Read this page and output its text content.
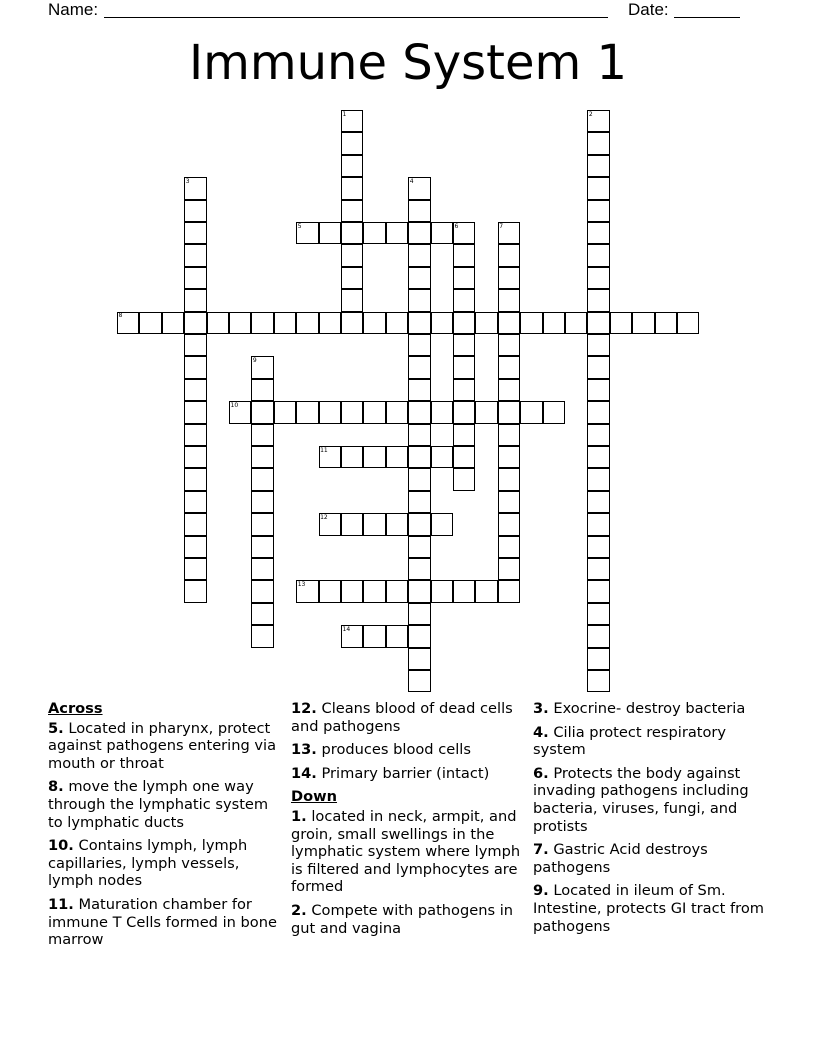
Name:	Date:
Immune System 1
1	2
3	4
5	6	7
8
9
10
11
12
13
14
Across
5. Located in pharynx, protect against pathogens entering via mouth or throat
8. move the lymph one way through the lymphatic system to lymphatic ducts
10. Contains lymph, lymph capillaries, lymph vessels, lymph nodes
11. Maturation chamber for immune T Cells formed in bone marrow
12. Cleans blood of dead cells and pathogens
13. produces blood cells
14. Primary barrier (intact)
Down
1. located in neck, armpit, and groin, small swellings in the lymphatic system where lymph is filtered and lymphocytes are formed
2. Compete with pathogens in gut and vagina
3. Exocrine- destroy bacteria
4. Cilia protect respiratory system
6. Protects the body against invading pathogens including bacteria, viruses, fungi, and protists
7. Gastric Acid destroys pathogens
9. Located in ileum of Sm. Intestine, protects GI tract from pathogens
